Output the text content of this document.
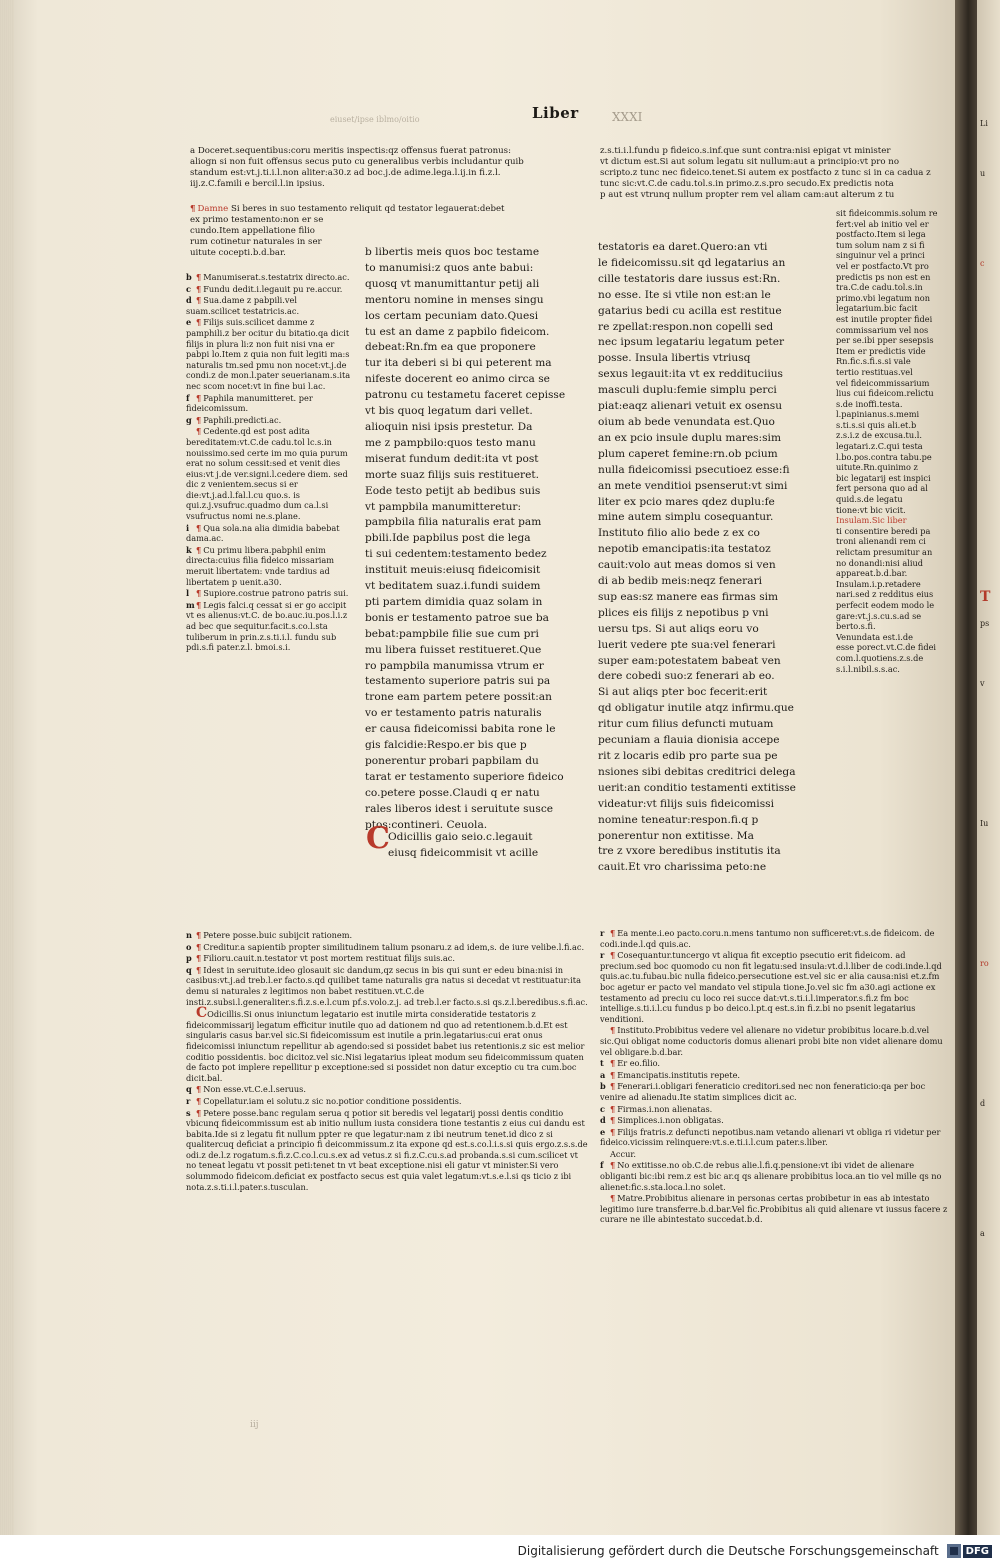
eiuset/ipse iblmo/oitio	Liber	XXXI
a Doceret.sequentibus:coru meritis inspectis:qz offensus fuerat patronus:
aliogn si non fuit offensus secus puto cu generalibus verbis includantur quib
standum est:vt.j.ti.i.l.non aliter:a30.z ad boc.j.de adime.lega.l.ij.in fi.z.l.
iij.z.C.famili e bercil.l.in ipsius.
z.s.ti.i.l.fundu p fideico.s.inf.que sunt contra:nisi epigat vt minister
vt dictum est.Si aut solum legatu sit nullum:aut a principio:vt pro no
scripto.z tunc nec fideico.tenet.Si autem ex postfacto z tunc si in ca cadua z
tunc sic:vt.C.de cadu.tol.s.in primo.z.s.pro secudo.Ex predictis nota
p aut est vtrunq nullum propter rem vel aliam cam:aut alterum z tu
¶ Damne Si beres in suo testamento reliquit qd testator legauerat:debet
ex primo testamento:non er se
cundo.Item appellatione filio
rum cotinetur naturales in ser
uitute cocepti.b.d.bar.
b ¶ Manumiserat.s.testatrix directo.ac.
c ¶ Fundu dedit.i.legauit pu re.accur.
d ¶ Sua.dame z pabpili.vel suam.scilicet testatricis.ac.
e ¶ Filijs suis.scilicet damme z pamphili.z ber ocitur du bitatio.qa dicit filijs in plura li:z non fuit nisi vna er pabpi lo.Item z quia non fuit legiti ma:s naturalis tm.sed pmu non nocet:vt.j.de condi.z de mon.l.pater seuerianam.s.ita nec scom nocet:vt in fine bui l.ac.
f ¶ Paphila manumitteret. per fideicomissum.
g ¶ Paphili.predicti.ac.
¶ Cedente.qd est post adita bereditatem:vt.C.de cadu.tol lc.s.in nouissimo.sed certe im mo quia purum erat no solum cessit:sed et venit dies eius:vt j.de ver.signi.l.cedere diem. sed dic z venientem.secus si er die:vt.j.ad.l.fal.l.cu quo.s. is qui.z.j.vsufruc.quadmo dum ca.l.si vsufructus nomi ne.s.plane.
i ¶ Qua sola.na alia dimidia babebat dama.ac.
k ¶ Cu primu libera.pabphil enim directa:cuius filia fideico missariam meruit libertatem: vnde tardius ad libertatem p uenit.a30.
l ¶ Supiore.costrue patrono patris sui.
m¶ Legis falci.q cessat si er go accipit vt es alienus:vt.C. de bo.auc.iu.pos.l.i.z ad bec que sequitur.facit.s.co.l.sta tuliberum in prin.z.s.ti.i.l. fundu sub pdi.s.fi pater.z.l. bmoi.s.i.
b libertis meis quos boc testame
to manumisi:z quos ante babui:
quosq vt manumittantur petij ali
mentoru nomine in menses singu
los certam pecuniam dato.Quesi
tu est an dame z papbilo fideicom.
debeat:Rn.fm ea que proponere
tur ita deberi si bi qui peterent ma
nifeste docerent eo animo circa se
patronu cu testametu faceret cepisse
vt bis quoq legatum dari vellet.
alioquin nisi ipsis prestetur. Da
me z pampbilo:quos testo manu
miserat fundum dedit:ita vt post
morte suaz filijs suis restitueret.
Eode testo petijt ab bedibus suis
vt pampbila manumitteretur:
pampbila filia naturalis erat pam
pbili.Ide papbilus post die lega
ti sui cedentem:testamento bedez
instituit meuis:eiusq fideicomisit
vt beditatem suaz.i.fundi suidem
pti partem dimidia quaz solam in
bonis er testamento patroe sue ba
bebat:pampbile filie sue cum pri
mu libera fuisset restitueret.Que
ro pampbila manumissa vtrum er
testamento superiore patris sui pa
trone eam partem petere possit:an
vo er testamento patris naturalis
er causa fideicomissi babita rone le
gis falcidie:Respo.er bis que p
ponerentur probari papbilam du
tarat er testamento superiore fideico
co.petere posse.Claudi q er natu
rales liberos idest i seruitute susce
ptos:contineri. Ceuola.
C
Odicillis gaio seio.c.legauit
eiusq fideicommisit vt acille
testatoris ea daret.Quero:an vti
le fideicomissu.sit qd legatarius an
cille testatoris dare iussus est:Rn.
no esse. Ite si vtile non est:an le
gatarius bedi cu acilla est restitue
re zpellat:respon.non copelli sed
nec ipsum legatariu legatum peter
posse. Insula libertis vtriusq
sexus legauit:ita vt ex reddituciius
masculi duplu:femie simplu perci
piat:eaqz alienari vetuit ex osensu
oium ab bede venundata est.Quo
an ex pcio insule duplu mares:sim
plum caperet femine:rn.ob pcium
nulla fideicomissi psecutioez esse:fi
an mete venditioi psenserut:vt simi
liter ex pcio mares qdez duplu:fe
mine autem simplu cosequantur.
Instituto filio alio bede z ex co
nepotib emancipatis:ita testatoz
cauit:volo aut meas domos si ven
di ab bedib meis:neqz fenerari
sup eas:sz manere eas firmas sim
plices eis filijs z nepotibus p vni
uersu tps. Si aut aliqs eoru vo
luerit vedere pte sua:vel fenerari
super eam:potestatem babeat ven
dere cobedi suo:z fenerari ab eo.
Si aut aliqs pter boc fecerit:erit
qd obligatur inutile atqz infirmu.que
ritur cum filius defuncti mutuam
pecuniam a flauia dionisia accepe
rit z locaris edib pro parte sua pe
nsiones sibi debitas creditrici delega
uerit:an conditio testamenti extitisse
videatur:vt filijs suis fideicomissi
nomine teneatur:respon.fi.q p
ponerentur non extitisse. Ma
tre z vxore beredibus institutis ita
cauit.Et vro charissima peto:ne
sit fideicommis.solum re
fert:vel ab initio vel er
postfacto.Item si lega
tum solum nam z si fi
singuinur vel a princi
vel er postfacto.Vt pro
predictis ps non est en
tra.C.de cadu.tol.s.in
primo.vbi legatum non
legatarium.bic facit
est inutile propter fidei
commissarium vel nos
per se.ibi pper sesepsis
Item er predictis vide
Rn.fic.s.fi.s.si vale
tertio restituas.vel
vel fideicommissarium
lius cui fideicom.relictu
s.de inoffi.testa.
l.papinianus.s.memi
s.ti.s.si quis ali.et.b
z.s.i.z de excusa.tu.l.
legatari.z.C.qui testa
l.bo.pos.contra tabu.pe
uitute.Rn.quinimo z
bic legatarij est inspici
fert persona quo ad al
quid.s.de legatu
tione:vt bic vicit.
Insulam.Sic liber
ti consentire beredi pa
troni alienandi rem ci
relictam presumitur an
no donandi:nisi aliud
appareat.b.d.bar.
Insulam.i.p.retadere
nari.sed z redditus eius
perfecit eodem modo le
gare:vt.j.s.cu.s.ad se
berto.s.fi.
Venundata est.i.de
esse porect.vt.C.de fidei
com.l.quotiens.z.s.de
s.i.l.nibil.s.s.ac.
n ¶ Petere posse.buic subijcit rationem.
o ¶ Creditur.a sapientib propter similitudinem talium psonaru.z ad idem,s. de iure velibe.l.fi.ac.
p ¶ Filioru.cauit.n.testator vt post mortem restituat filijs suis.ac.
q ¶ Idest in seruitute.ideo glosauit sic dandum,qz secus in bis qui sunt er edeu bina:nisi in casibus:vt.j.ad treb.l.er facto.s.qd quilibet tame naturalis gra natus si decedat vt restituatur:ita demu si naturales z legitimos non babet restituen.vt.C.de insti.z.subsi.l.generaliter.s.fi.z.s.e.l.cum pf.s.volo.z.j. ad treb.l.er facto.s.si qs.z.l.beredibus.s.fi.ac.
COdicillis.Si onus iniunctum legatario est inutile mirta consideratide testatoris z fideicommissarij legatum efficitur inutile quo ad dationem nd quo ad retentionem.b.d.Et est singularis casus bar.vel sic.Si fideicomissum est inutile a prin.legatarius:cui erat onus fideicomissi iniunctum repellitur ab agendo:sed si possidet babet ius retentionis.z sic est melior coditio possidentis. boc dicitoz.vel sic.Nisi legatarius ipleat modum seu fideicommissum quaten de facto pot implere repellitur p exceptione:sed si possidet non datur exceptio cu tra cum.boc dicit.bal.
q ¶ Non esse.vt.C.e.l.seruus.
r ¶ Copellatur.iam ei solutu.z sic no.potior conditione possidentis.
s ¶ Petere posse.banc regulam serua q potior sit beredis vel legatarij possi dentis conditio vbicunq fideicommissum est ab initio nullum iusta considera tione testantis z eius cui dandu est babita.Ide si z legatu fit nullum ppter re que legatur:nam z ibi neutrum tenet.id dico z si qualitercuq deficiat a principio fi deicommissum.z ita expone qd est.s.co.l.i.s.si quis ergo.z.s.s.de odi.z de.l.z rogatum.s.fi.z.C.co.l.cu.s.ex ad vetus.z si fi.z.C.cu.s.ad probanda.s.si cum.scilicet vt no teneat legatu vt possit peti:tenet tn vt beat exceptione.nisi eli gatur vt minister.Si vero solummodo fideicom.deficiat ex postfacto secus est quia valet legatum:vt.s.e.l.si qs ticio z ibi nota.z.s.ti.i.l.pater.s.tusculan.
r ¶ Ea mente.i.eo pacto.coru.n.mens tantumo non sufficeret:vt.s.de fideicom. de codi.inde.l.qd quis.ac.
r ¶ Cosequantur.tuncergo vt aliqua fit exceptio psecutio erit fideicom. ad precium.sed boc quomodo cu non fit legatu:sed insula:vt.d.l.liber de codi.inde.l.qd quis.ac.tu.fubau.bic nulla fideico.persecutione est.vel sic er alia causa:nisi et.z.fm boc agetur er pacto vel mandato vel stipula tione.Jo.vel sic fm a30.agi actione ex testamento ad preciu cu loco rei succe dat:vt.s.ti.i.l.imperator.s.fi.z fm boc intellige.s.ti.i.l.cu fundus p bo deico.l.pt.q est.s.in fi.z.bi no psenit legatarius venditioni.
¶ Instituto.Probibitus vedere vel alienare no videtur probibitus locare.b.d.vel sic.Qui obligat nome coductoris domus alienari probi bite non videt alienare domu vel obligare.b.d.bar.
t ¶ Er eo.filio.
a ¶ Emancipatis.institutis repete.
b ¶ Fenerari.i.obligari feneraticio creditori.sed nec non feneraticio:qa per boc venire ad alienadu.Ite statim simplices dicit ac.
c ¶ Firmas.i.non alienatas.
d ¶ Simplices.i.non obligatas.
e ¶ Filijs fratris.z defuncti nepotibus.nam vetando alienari vt obliga ri videtur per fideico.vicissim relinquere:vt.s.e.ti.i.l.cum pater.s.liber.
Accur.
f ¶ No extitisse.no ob.C.de rebus alie.l.fi.q.pensione:vt ibi videt de alienare obliganti bic:ibi rem.z est bic ar.q qs alienare probibitus loca.an tio vel mille qs no alienet:fic.s.sta.loca.l.no solet.
¶ Matre.Probibitus alienare in personas certas probibetur in eas ab intestato legitimo iure transferre.b.d.bar.Vel fic.Probibitus ali quid alienare vt iussus facere z curare ne ille abintestato succedat.b.d.
iij
Li
u
c
T
ps
v
Iu
ro
d
a
Digitalisierung gefördert durch die Deutsche Forschungsgemeinschaft	DFG
